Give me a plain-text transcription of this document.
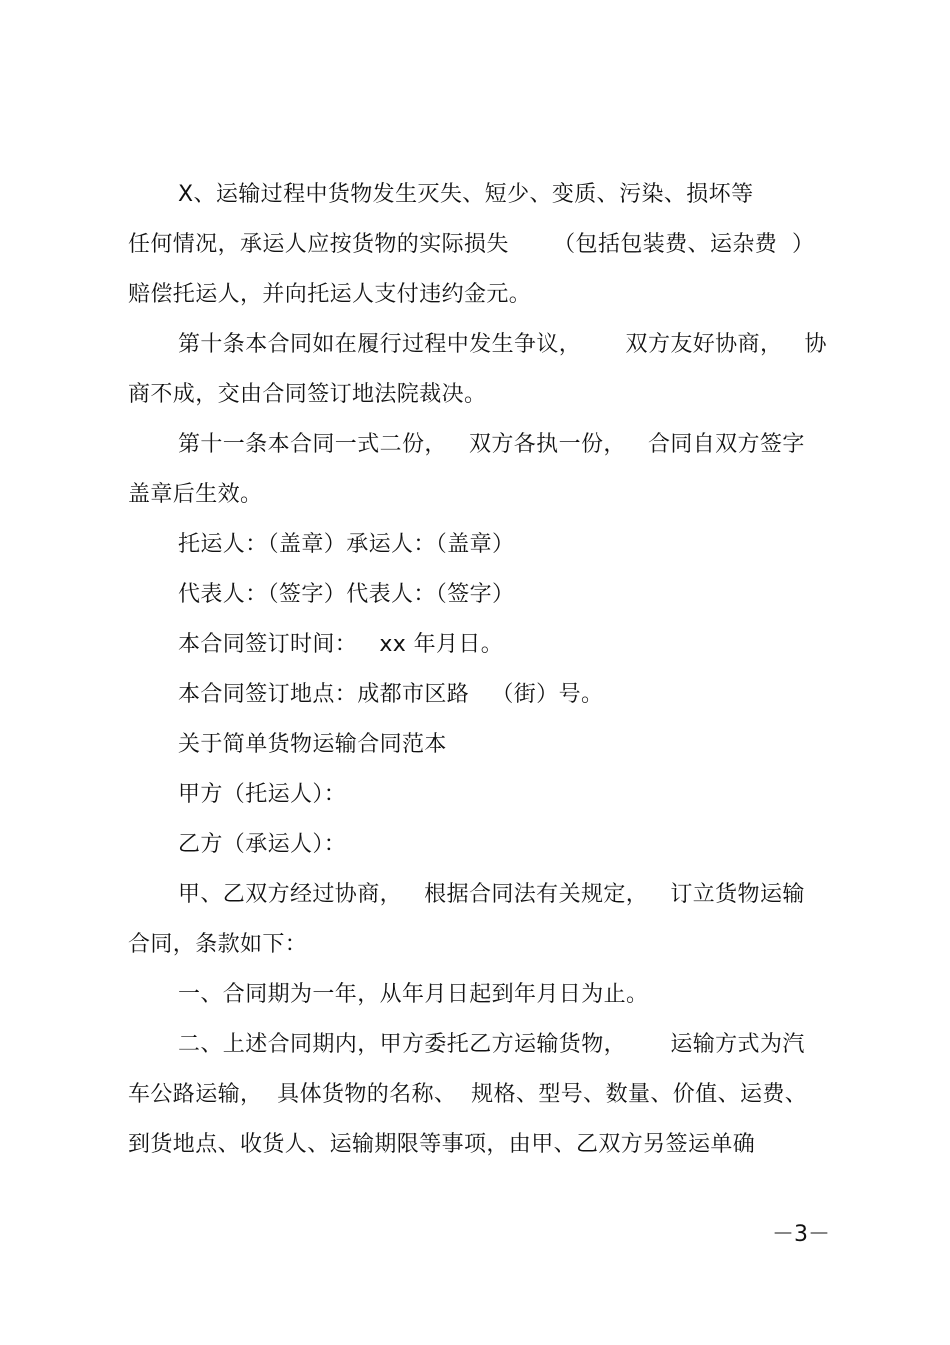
X、运输过程中货物发生灭失、短少、变质、污染、损坏等
任何情况，承运人应按货物的实际损失      （包括包装费、运杂费  ）
赔偿托运人，并向托运人支付违约金元。
第十条本合同如在履行过程中发生争议，      双方友好协商，   协
商不成，交由合同签订地法院裁决。
第十一条本合同一式二份，   双方各执一份，   合同自双方签字
盖章后生效。
托运人：（盖章）承运人：（盖章）
代表人：（签字）代表人：（签字）
本合同签订时间：   xx 年月日。
本合同签订地点：成都市区路   （街）号。
关于简单货物运输合同范本
甲方（托运人）：
乙方（承运人）：
甲、乙双方经过协商，   根据合同法有关规定，   订立货物运输
合同，条款如下：
一、合同期为一年，从年月日起到年月日为止。
二、上述合同期内，甲方委托乙方运输货物，      运输方式为汽
车公路运输，  具体货物的名称、  规格、型号、数量、价值、运费、
到货地点、收货人、运输期限等事项，由甲、乙双方另签运单确
－3－
